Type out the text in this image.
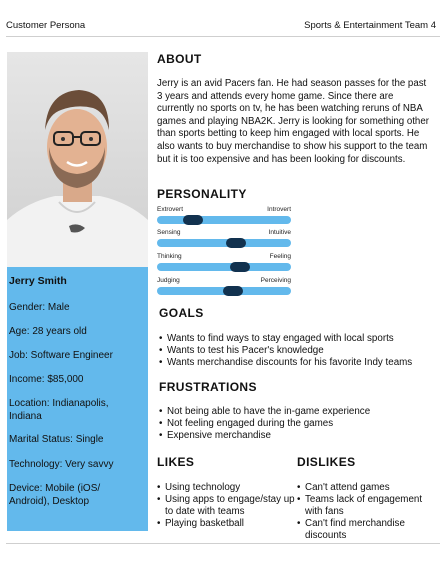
Customer Persona	Sports & Entertainment Team 4
Jerry Smith
Gender: Male
Age: 28 years old
Job: Software Engineer
Income: $85,000
Location: Indianapolis, Indiana
Marital Status: Single
Technology: Very savvy
Device: Mobile (iOS/ Android), Desktop
ABOUT
Jerry is an avid Pacers fan. He had season passes for the past 3 years and attends every home game. Since there are currently no sports on tv, he has been watching reruns of NBA games and playing NBA2K. Jerry is looking for something other than sports betting to keep him engaged with local sports. He also wants to buy merchandise to show his support to the team but it is too expensive and has been looking for discounts.
PERSONALITY
Extrovert	Introvert
Sensing	Intuitive
Thinking	Feeling
Judging	Perceiving
GOALS
• Wants to find ways to stay engaged with local sports
• Wants to test his Pacer's knowledge
• Wants merchandise discounts for his favorite Indy teams
FRUSTRATIONS
• Not being able to have the in-game experience
• Not feeling engaged during the games
• Expensive merchandise
LIKES
• Using technology
• Using apps to engage/stay up to date with teams
• Playing basketball
DISLIKES
• Can't attend games
• Teams lack of engagement with fans
• Can't find merchandise discounts
